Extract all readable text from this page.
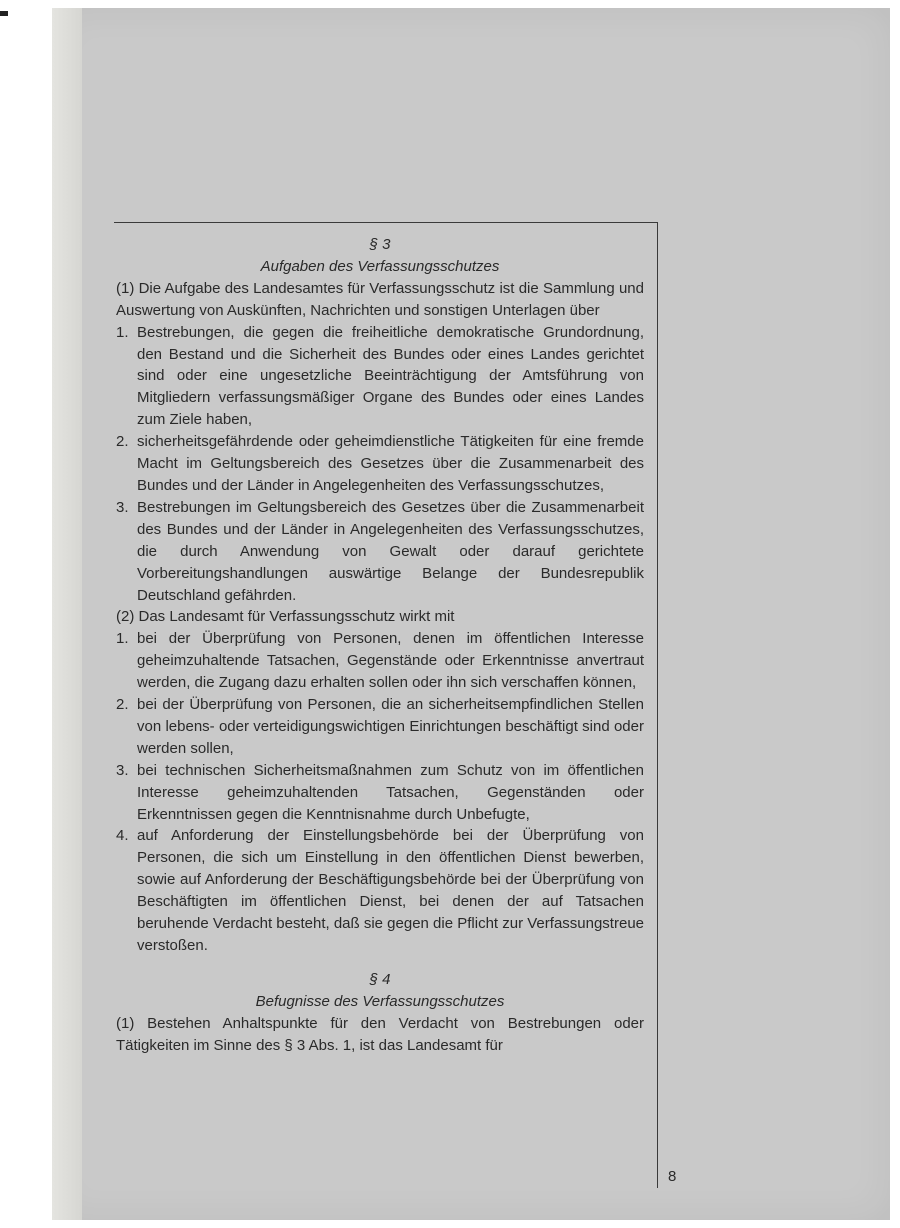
§ 3
Aufgaben des Verfassungsschutzes

(1) Die Aufgabe des Landesamtes für Verfassungsschutz ist die Sammlung und Auswertung von Auskünften, Nachrichten und sonstigen Unterlagen über

1. Bestrebungen, die gegen die freiheitliche demokratische Grundordnung, den Bestand und die Sicherheit des Bundes oder eines Landes gerichtet sind oder eine ungesetzliche Beeinträchtigung der Amtsführung von Mitgliedern verfassungsmäßiger Organe des Bundes oder eines Landes zum Ziele haben,
2. sicherheitsgefährdende oder geheimdienstliche Tätigkeiten für eine fremde Macht im Geltungsbereich des Gesetzes über die Zusammenarbeit des Bundes und der Länder in Angelegenheiten des Verfassungsschutzes,
3. Bestrebungen im Geltungsbereich des Gesetzes über die Zusammenarbeit des Bundes und der Länder in Angelegenheiten des Verfassungsschutzes, die durch Anwendung von Gewalt oder darauf gerichtete Vorbereitungshandlungen auswärtige Belange der Bundesrepublik Deutschland gefährden.

(2) Das Landesamt für Verfassungsschutz wirkt mit

1. bei der Überprüfung von Personen, denen im öffentlichen Interesse geheimzuhaltende Tatsachen, Gegenstände oder Erkenntnisse anvertraut werden, die Zugang dazu erhalten sollen oder ihn sich verschaffen können,
2. bei der Überprüfung von Personen, die an sicherheitsempfindlichen Stellen von lebens- oder verteidigungswichtigen Einrichtungen beschäftigt sind oder werden sollen,
3. bei technischen Sicherheitsmaßnahmen zum Schutz von im öffentlichen Interesse geheimzuhaltenden Tatsachen, Gegenständen oder Erkenntnissen gegen die Kenntnisnahme durch Unbefugte,
4. auf Anforderung der Einstellungsbehörde bei der Überprüfung von Personen, die sich um Einstellung in den öffentlichen Dienst bewerben, sowie auf Anforderung der Beschäftigungsbehörde bei der Überprüfung von Beschäftigten im öffentlichen Dienst, bei denen der auf Tatsachen beruhende Verdacht besteht, daß sie gegen die Pflicht zur Verfassungstreue verstoßen.
§ 4
Befugnisse des Verfassungsschutzes

(1) Bestehen Anhaltspunkte für den Verdacht von Bestrebungen oder Tätigkeiten im Sinne des § 3 Abs. 1, ist das Landesamt für

8
